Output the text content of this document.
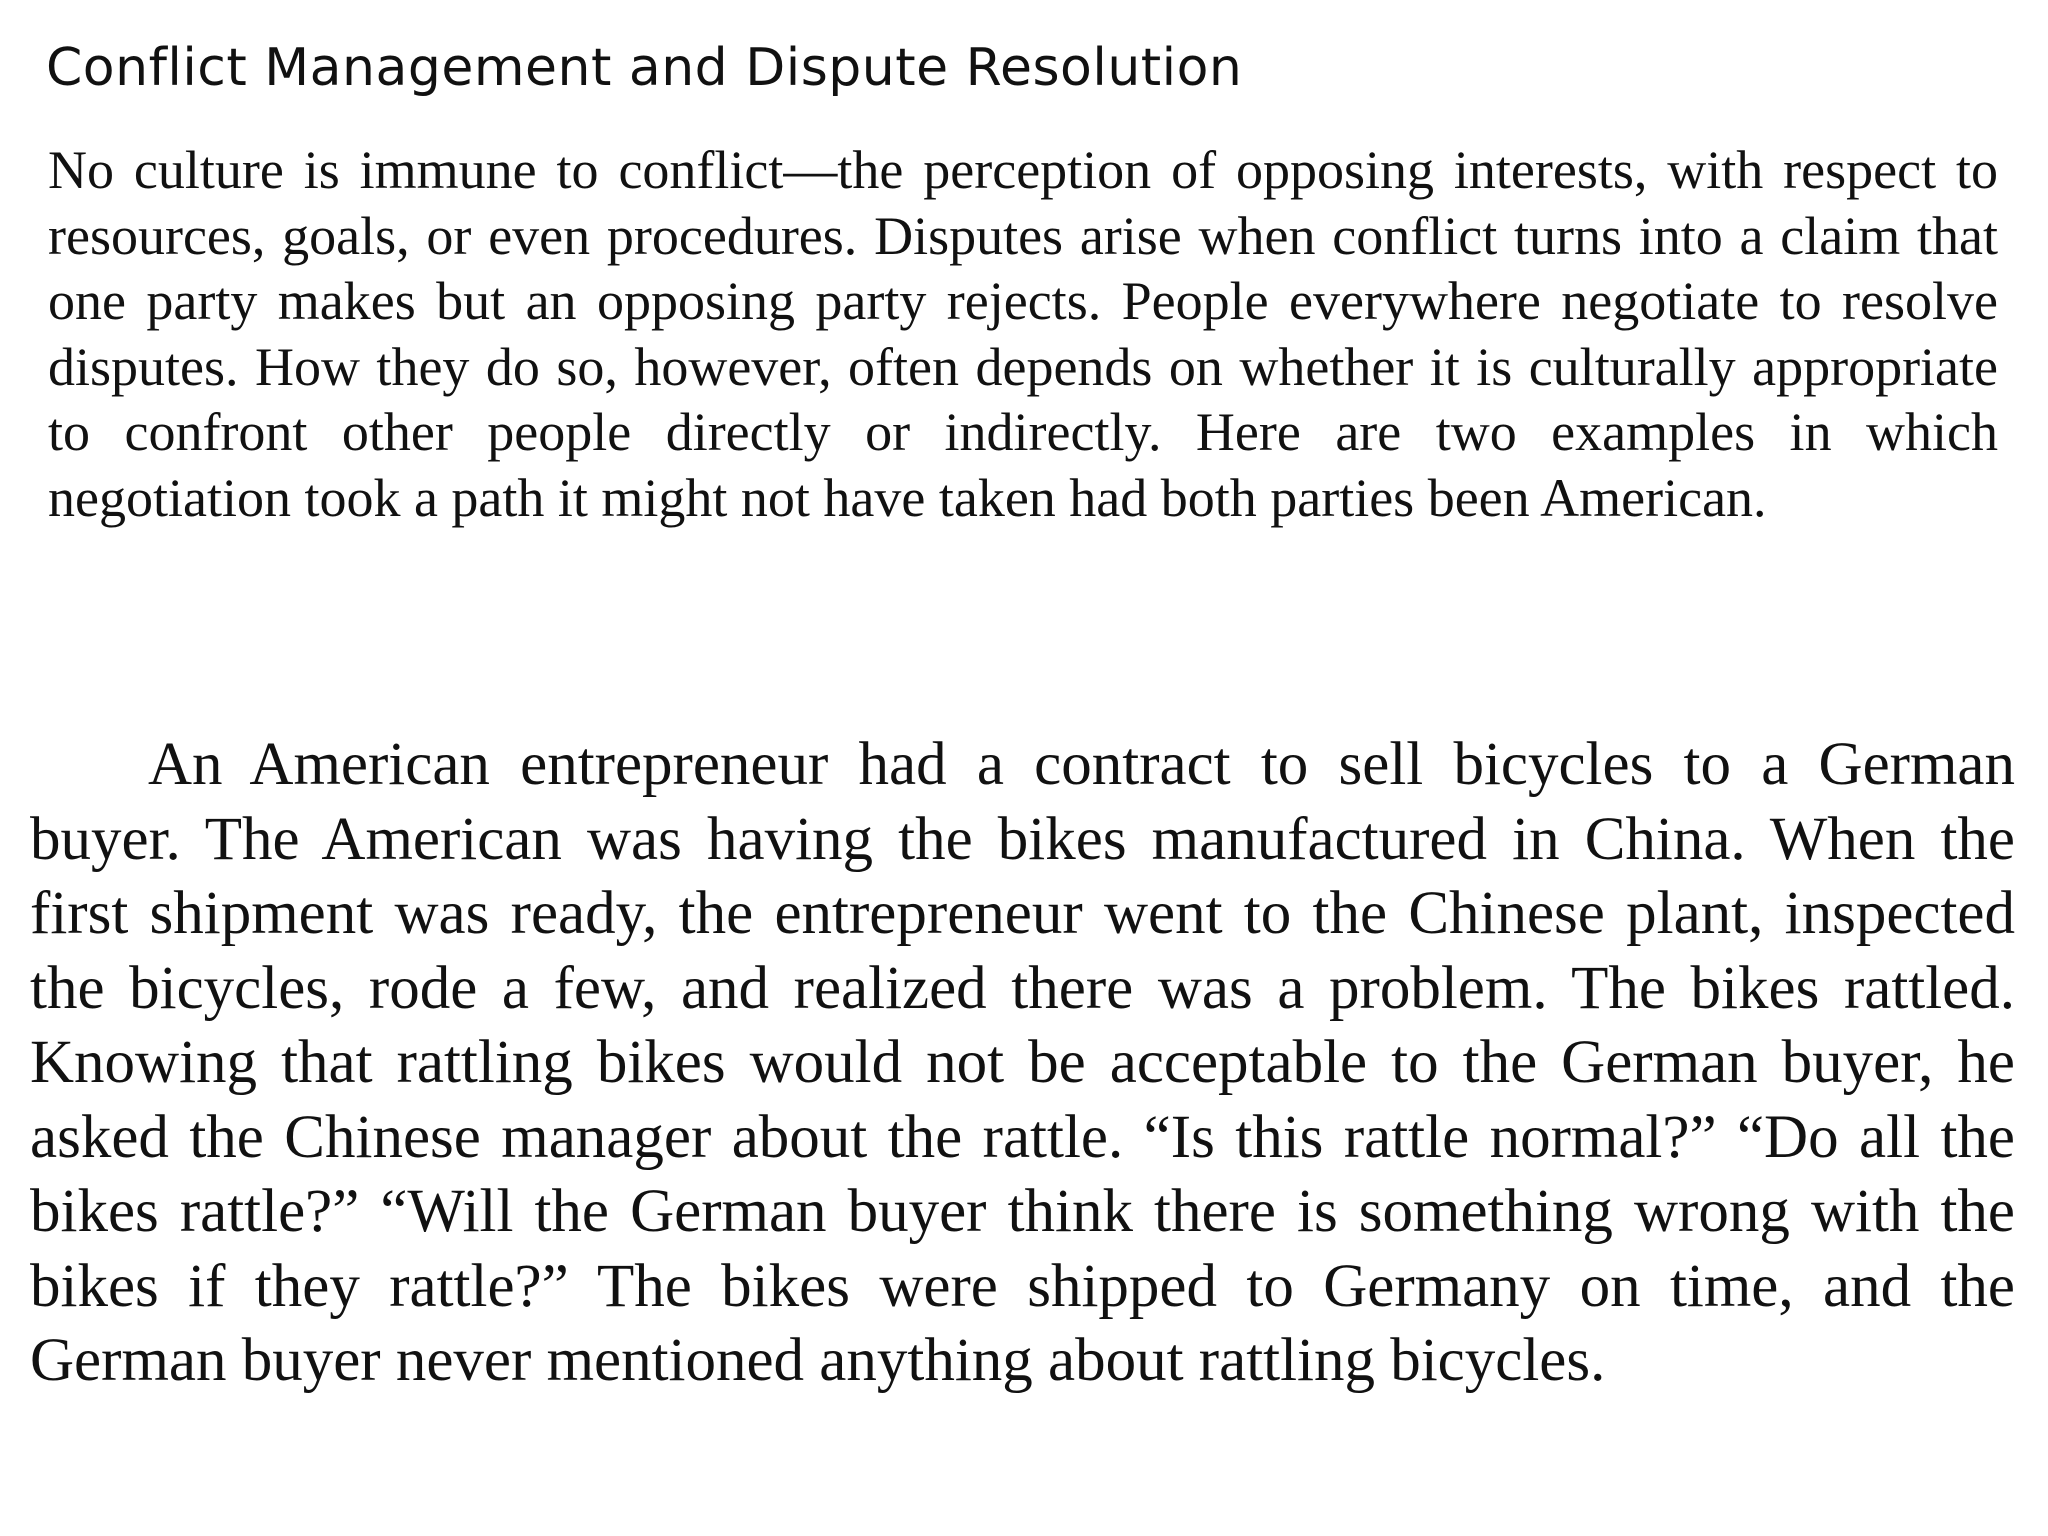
Conflict Management and Dispute Resolution

No culture is immune to conflict—the perception of opposing interests, with respect to resources, goals, or even procedures. Disputes arise when conflict turns into a claim that one party makes but an opposing party rejects. People everywhere negotiate to resolve disputes. How they do so, however, often depends on whether it is culturally appropriate to confront other people directly or indirectly. Here are two examples in which negotiation took a path it might not have taken had both parties been American.

An American entrepreneur had a contract to sell bicycles to a German buyer. The American was having the bikes manufactured in China. When the first shipment was ready, the entrepreneur went to the Chinese plant, inspected the bicycles, rode a few, and realized there was a problem. The bikes rattled. Knowing that rattling bikes would not be acceptable to the German buyer, he asked the Chinese manager about the rattle. “Is this rattle normal?” “Do all the bikes rattle?” “Will the German buyer think there is something wrong with the bikes if they rattle?” The bikes were shipped to Germany on time, and the German buyer never mentioned anything about rattling bicycles.
